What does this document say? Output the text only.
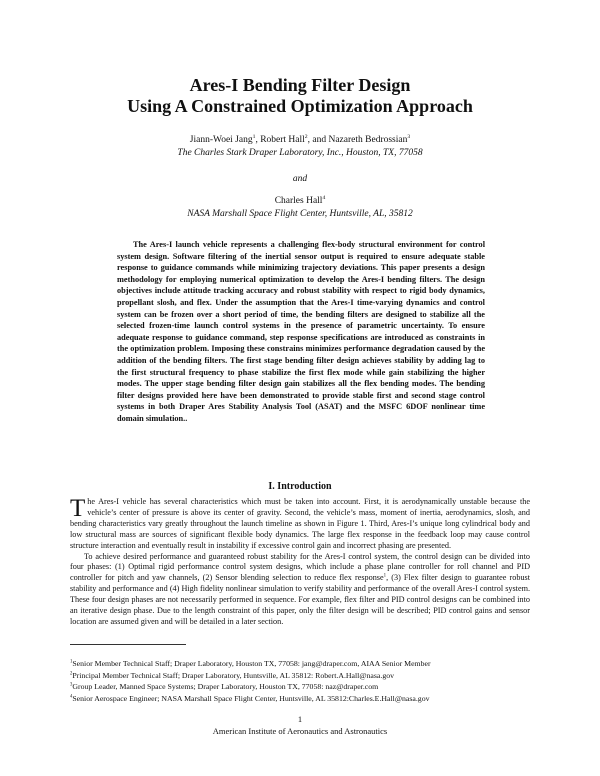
Ares-I Bending Filter Design
Using A Constrained Optimization Approach
Jiann-Woei Jang$^1$, Robert Hall$^2$, and Nazareth Bedrossian$^3$
The Charles Stark Draper Laboratory, Inc., Houston, TX, 77058
and
Charles Hall$^4$
NASA Marshall Space Flight Center, Huntsville, AL, 35812

The Ares-I launch vehicle represents a challenging flex-body structural environment for control system design. Software filtering of the inertial sensor output is required to ensure adequate stable response to guidance commands while minimizing trajectory deviations. This paper presents a design methodology for employing numerical optimization to develop the Ares-I bending filters. The design objectives include attitude tracking accuracy and robust stability with respect to rigid body dynamics, propellant slosh, and flex. Under the assumption that the Ares-I time-varying dynamics and control system can be frozen over a short period of time, the bending filters are designed to stabilize all the selected frozen-time launch control systems in the presence of parametric uncertainty. To ensure adequate response to guidance command, step response specifications are introduced as constraints in the optimization problem. Imposing these constrains minimizes performance degradation caused by the addition of the bending filters. The first stage bending filter design achieves stability by adding lag to the first structural frequency to phase stabilize the first flex mode while gain stabilizing the higher modes. The upper stage bending filter design gain stabilizes all the flex bending modes. The bending filter designs provided here have been demonstrated to provide stable first and second stage control systems in both Draper Ares Stability Analysis Tool (ASAT) and the MSFC 6DOF nonlinear time domain simulation..

I. Introduction

The Ares-I vehicle has several characteristics which must be taken into account. First, it is aerodynamically unstable because the vehicle’s center of pressure is above its center of gravity. Second, the vehicle’s mass, moment of inertia, aerodynamics, slosh, and bending characteristics vary greatly throughout the launch timeline as shown in Figure 1. Third, Ares-I’s unique long cylindrical body and low structural mass are sources of significant flexible body dynamics. The large flex response in the feedback loop may cause control structure interaction and eventually result in instability if excessive control gain and incorrect phasing are presented.

To achieve desired performance and guaranteed robust stability for the Ares-I control system, the control design can be divided into four phases: (1) Optimal rigid performance control system designs, which include a phase plane controller for roll channel and PID controller for pitch and yaw channels, (2) Sensor blending selection to reduce flex response$^1$, (3) Flex filter design to guarantee robust stability and performance and (4) High fidelity nonlinear simulation to verify stability and performance of the overall Ares-I control system. These four design phases are not necessarily performed in sequence. For example, flex filter and PID control designs can be combined into an iterative design phase. Due to the length constraint of this paper, only the filter design will be described; PID control gains and sensor location are assumed given and will be detailed in a later section.

$^1$Senior Member Technical Staff; Draper Laboratory, Houston TX, 77058: jang@draper.com, AIAA Senior Member
$^2$Principal Member Technical Staff; Draper Laboratory, Huntsville, AL 35812: Robert.A.Hall@nasa.gov
$^3$Group Leader, Manned Space Systems; Draper Laboratory, Houston TX, 77058: naz@draper.com
$^4$Senior Aerospace Engineer; NASA Marshall Space Flight Center, Huntsville, AL 35812:Charles.E.Hall@nasa.gov
1
American Institute of Aeronautics and Astronautics
